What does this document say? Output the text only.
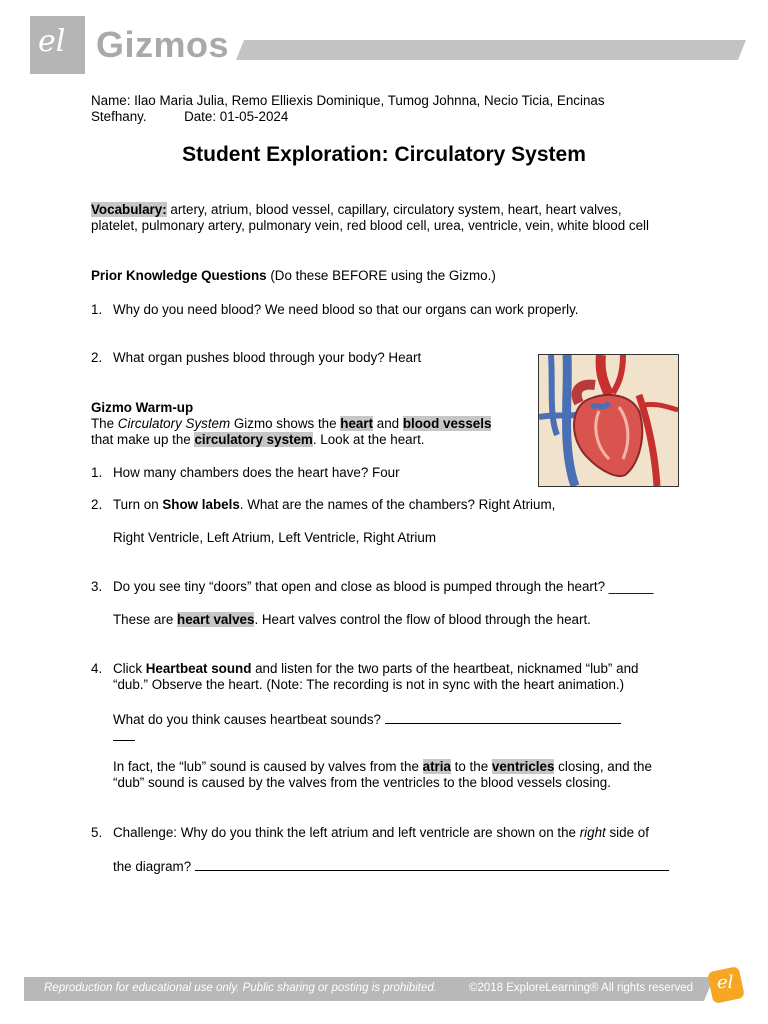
el Gizmos
Name: Ilao Maria Julia, Remo Elliexis Dominique, Tumog Johnna, Necio Ticia, Encinas
Stefhany.	Date: 01-05-2024
Student Exploration: Circulatory System
Vocabulary: artery, atrium, blood vessel, capillary, circulatory system, heart, heart valves,
platelet, pulmonary artery, pulmonary vein, red blood cell, urea, ventricle, vein, white blood cell
Prior Knowledge Questions (Do these BEFORE using the Gizmo.)
1. Why do you need blood? We need blood so that our organs can work properly.
2. What organ pushes blood through your body? Heart
Gizmo Warm-up
The Circulatory System Gizmo shows the heart and blood vessels
that make up the circulatory system. Look at the heart.
1. How many chambers does the heart have? Four
2. Turn on Show labels. What are the names of the chambers? Right Atrium,
Right Ventricle, Left Atrium, Left Ventricle, Right Atrium
3. Do you see tiny “doors” that open and close as blood is pumped through the heart? ______
These are heart valves. Heart valves control the flow of blood through the heart.
4. Click Heartbeat sound and listen for the two parts of the heartbeat, nicknamed “lub” and
“dub.” Observe the heart. (Note: The recording is not in sync with the heart animation.)
What do you think causes heartbeat sounds?
In fact, the “lub” sound is caused by valves from the atria to the ventricles closing, and the
“dub” sound is caused by the valves from the ventricles to the blood vessels closing.
5. Challenge: Why do you think the left atrium and left ventricle are shown on the right side of
the diagram?
Reproduction for educational use only. Public sharing or posting is prohibited.	©2018 ExploreLearning® All rights reserved el
